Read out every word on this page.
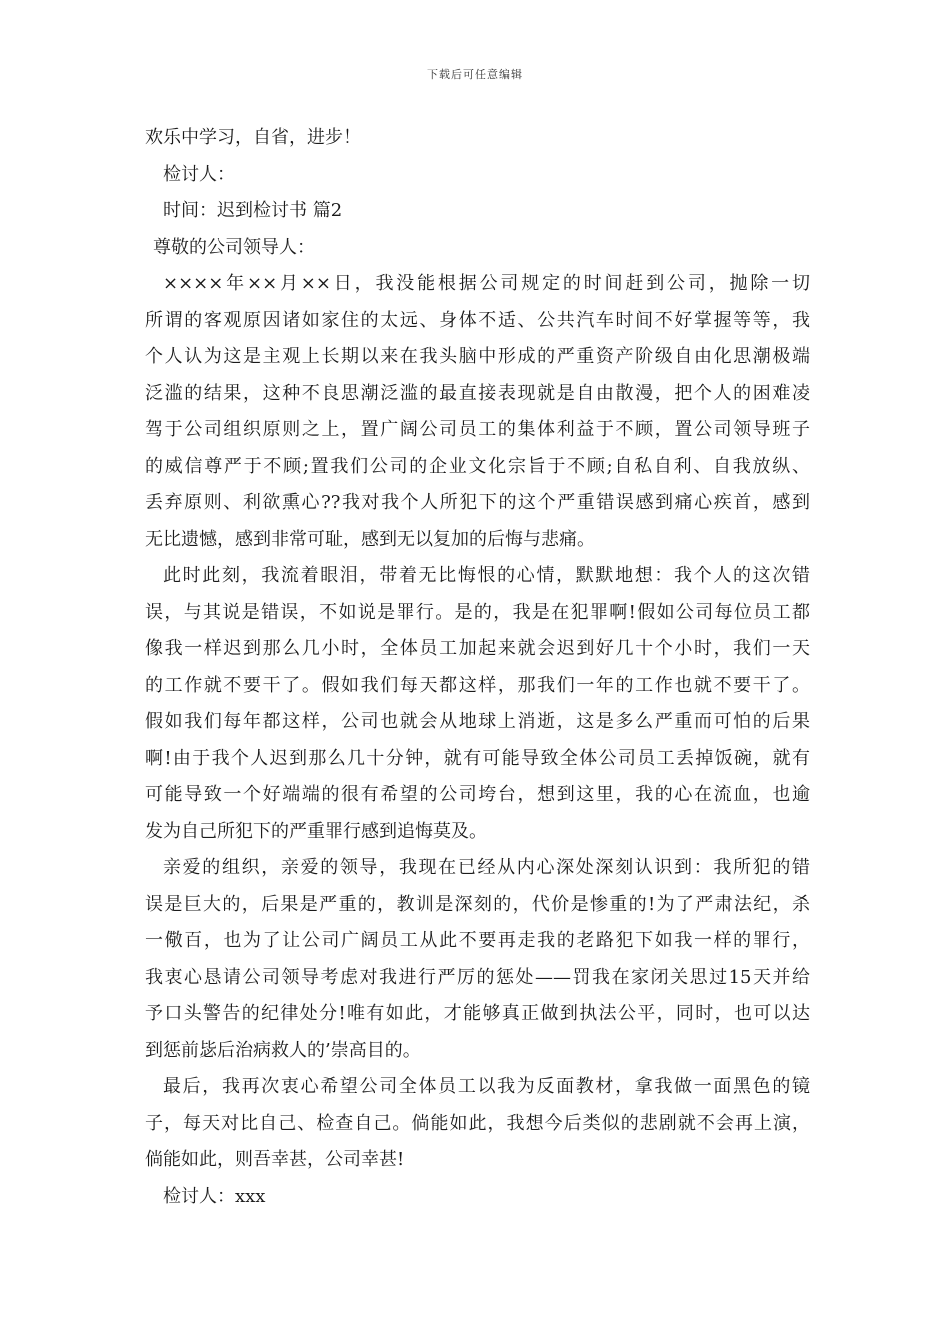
下载后可任意编辑
欢乐中学习，自省，进步！
检讨人：
时间：迟到检讨书 篇2
尊敬的公司领导人：
××××年××月××日，我没能根据公司规定的时间赶到公司，抛除一切
所谓的客观原因诸如家住的太远、身体不适、公共汽车时间不好掌握等等，我
个人认为这是主观上长期以来在我头脑中形成的严重资产阶级自由化思潮极端
泛滥的结果，这种不良思潮泛滥的最直接表现就是自由散漫，把个人的困难凌
驾于公司组织原则之上，置广阔公司员工的集体利益于不顾，置公司领导班子
的威信尊严于不顾;置我们公司的企业文化宗旨于不顾;自私自利、自我放纵、
丢弃原则、利欲熏心??我对我个人所犯下的这个严重错误感到痛心疾首，感到
无比遗憾，感到非常可耻，感到无以复加的后悔与悲痛。
此时此刻，我流着眼泪，带着无比悔恨的心情，默默地想：我个人的这次错
误，与其说是错误，不如说是罪行。是的，我是在犯罪啊!假如公司每位员工都
像我一样迟到那么几小时，全体员工加起来就会迟到好几十个小时，我们一天
的工作就不要干了。假如我们每天都这样，那我们一年的工作也就不要干了。
假如我们每年都这样，公司也就会从地球上消逝，这是多么严重而可怕的后果
啊!由于我个人迟到那么几十分钟，就有可能导致全体公司员工丢掉饭碗，就有
可能导致一个好端端的很有希望的公司垮台，想到这里，我的心在流血，也逾
发为自己所犯下的严重罪行感到追悔莫及。
亲爱的组织，亲爱的领导，我现在已经从内心深处深刻认识到：我所犯的错
误是巨大的，后果是严重的，教训是深刻的，代价是惨重的!为了严肃法纪，杀
一儆百，也为了让公司广阔员工从此不要再走我的老路犯下如我一样的罪行，
我衷心恳请公司领导考虑对我进行严厉的惩处——罚我在家闭关思过15天并给
予口头警告的纪律处分!唯有如此，才能够真正做到执法公平，同时，也可以达
到惩前毖后治病救人的’崇高目的。
最后，我再次衷心希望公司全体员工以我为反面教材，拿我做一面黑色的镜
子，每天对比自己、检查自己。倘能如此，我想今后类似的悲剧就不会再上演，
倘能如此，则吾幸甚，公司幸甚!
检讨人：xxx
